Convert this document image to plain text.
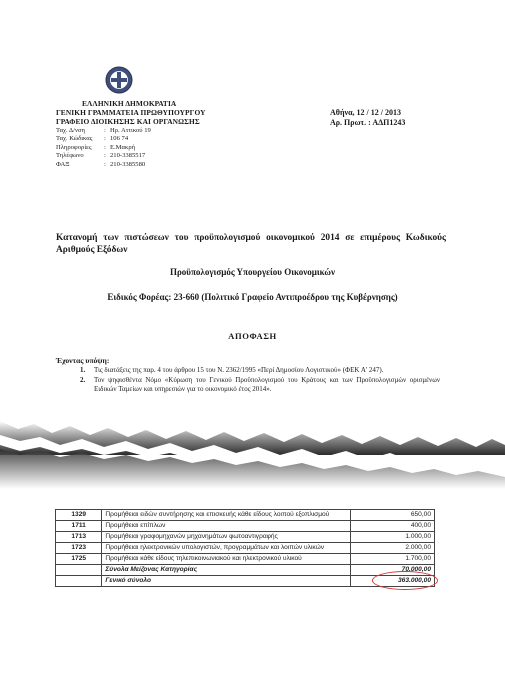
ΕΛΛΗΝΙΚΗ ΔΗΜΟΚΡΑΤΙΑ
ΓΕΝΙΚΗ ΓΡΑΜΜΑΤΕΙΑ ΠΡΩΘΥΠΟΥΡΓΟΥ
ΓΡΑΦΕΙΟ ΔΙΟΙΚΗΣΗΣ ΚΑΙ ΟΡΓΑΝΩΣΗΣ
Ταχ. Δ/νση	: Ηρ. Αττικού 19
Ταχ. Κώδικας	: 106 74
Πληροφορίες	: Ε.Μακρή
Τηλέφωνο	: 210-3385517
ΦΑΞ	: 210-3385580
Αθήνα, 12 / 12 / 2013
Αρ. Πρωτ. : ΑΔΠ1243
Κατανομή των πιστώσεων του προϋπολογισμού οικονομικού 2014 σε επιμέρους Κωδικούς Αριθμούς Εξόδων
Προϋπολογισμός Υπουργείου Οικονομικών
Ειδικός Φορέας: 23-660 (Πολιτικό Γραφείο Αντιπροέδρου της Κυβέρνησης)
ΑΠΟΦΑΣΗ
Έχοντας υπόψη:
1.	Τις διατάξεις της παρ. 4 του άρθρου 15 του Ν. 2362/1995 «Περί Δημοσίου Λογιστικού» (ΦΕΚ Α' 247).
2.	Τον ψηφισθέντα Νόμο «Κύρωση του Γενικού Προϋπολογισμού του Κράτους και των Προϋπολογισμών ορισμένων Ειδικών Ταμείων και υπηρεσιών για το οικονομικό έτος 2014».
1329	Προμήθειαι ειδών συντήρησης και επισκευής κάθε είδους λοιπού εξοπλισμού	650,00
1711	Προμήθειαι επίπλων	400,00
1713	Προμήθειαι γραφομηχανών μηχανημάτων φωτοαντιγραφής	1.000,00
1723	Προμήθειαι ηλεκτρονικών υπολογιστών, προγραμμάτων και λοιπών υλικών	2.000,00
1725	Προμήθειαι κάθε είδους τηλεπικοινωνιακού και ηλεκτρονικού υλικού	1.700,00
	Σύνολα Μείζονας Κατηγορίας	70.000,00
	Γενικό σύνολο	363.000,00
